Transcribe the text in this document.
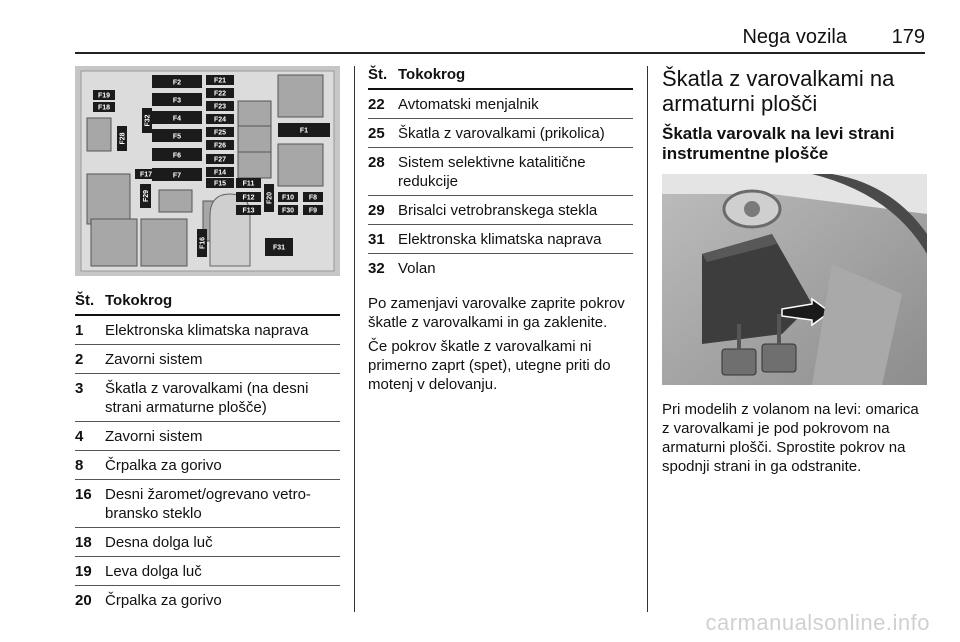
Nega vozila 179
F2	F21
F22
F23
F24
F25
F26
F27
F3
F4
F5
F6
F7	F14
F15 F11
F12
F13
F10 F8
F30 F9
F1
F19
F18
F17
F31
F28
F32
F29	F20
F16
Št. Tokokrog
1	Elektronska klimatska naprava
2	Zavorni sistem
3	Škatla z varovalkami (na desni strani armaturne plošče)
4	Zavorni sistem
8	Črpalka za gorivo
16 Desni žaromet/ogrevano vetro-bransko steklo
18 Desna dolga luč
19 Leva dolga luč
20 Črpalka za gorivo
Št. Tokokrog
22 Avtomatski menjalnik
25 Škatla z varovalkami (prikolica)
28 Sistem selektivne katalitične redukcije
29 Brisalci vetrobranskega stekla
31 Elektronska klimatska naprava
32 Volan

Po zamenjavi varovalke zaprite pokrov škatle z varovalkami in ga zaklenite.

Če pokrov škatle z varovalkami ni primerno zaprt (spet), utegne priti do motenj v delovanju.

Škatla z varovalkami na armaturni plošči
Škatla varovalk na levi strani instrumentne plošče

Pri modelih z volanom na levi: omarica z varovalkami je pod pokrovom na armaturni plošči. Sprostite pokrov na spodnji strani in ga odstranite.

carmanualsonline.info
